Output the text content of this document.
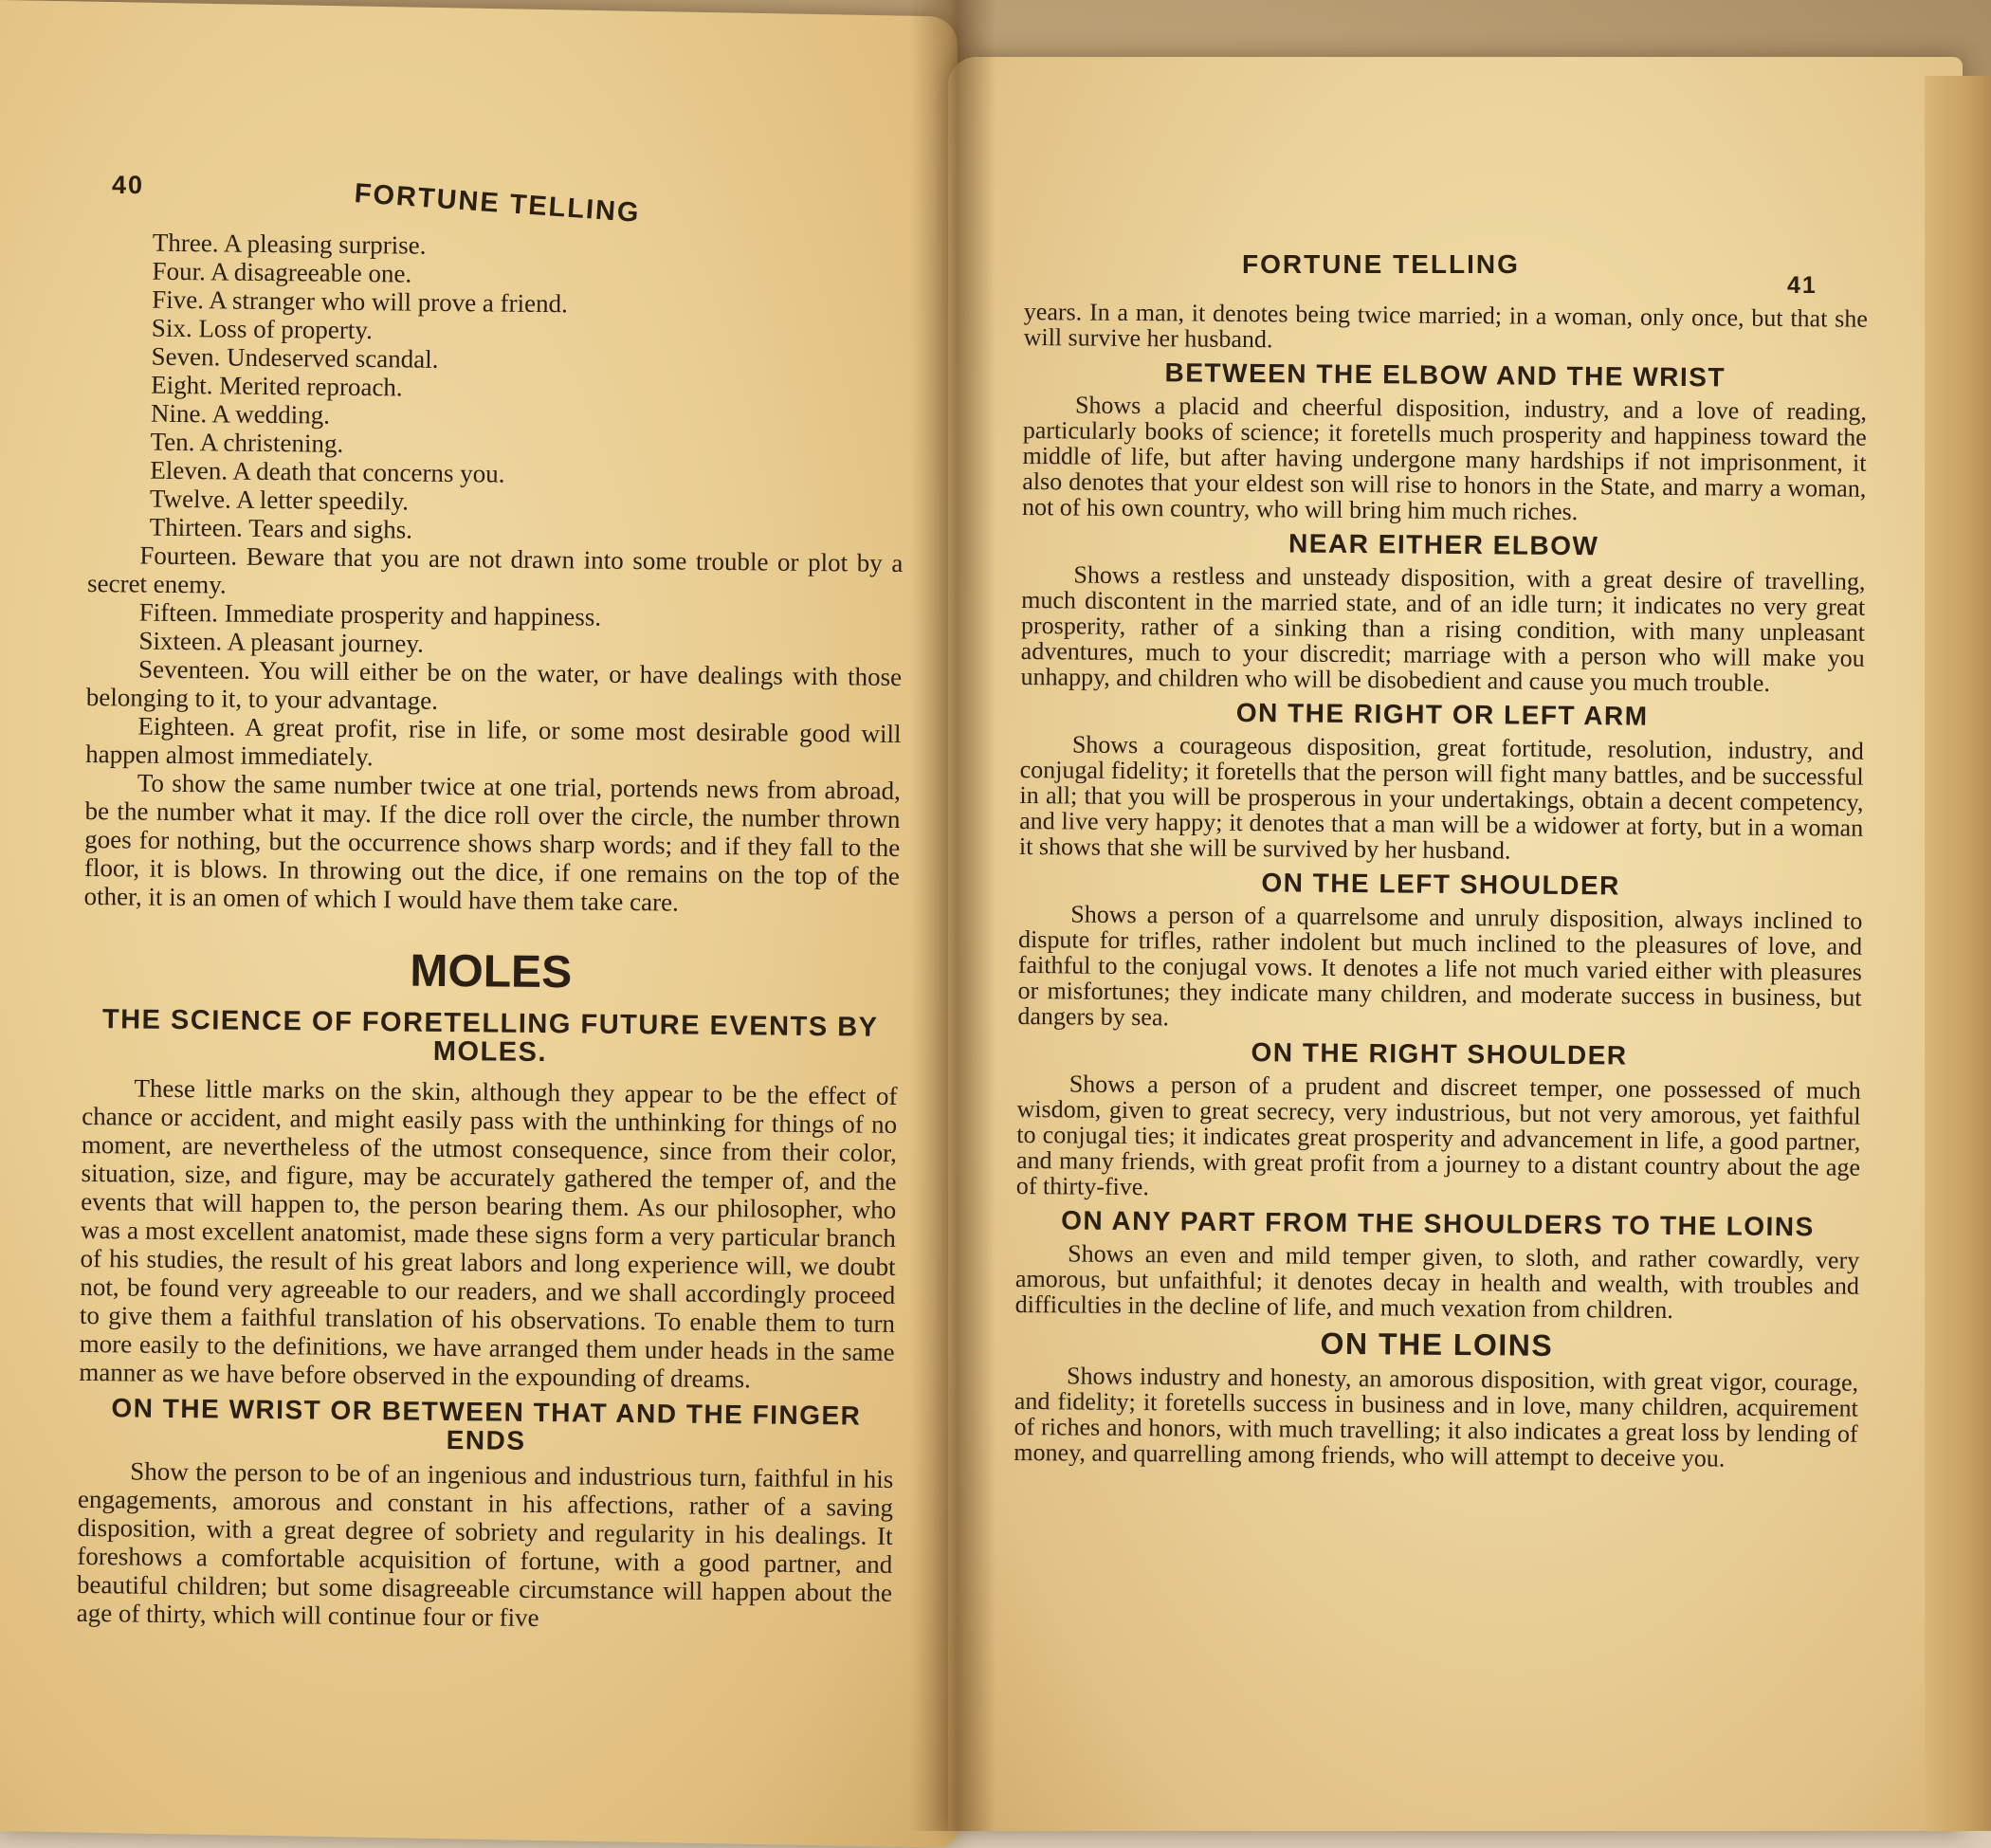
40	FORTUNE TELLING
FORTUNE TELLING
41

Three. A pleasing surprise.

Four. A disagreeable one.

Five. A stranger who will prove a friend.

Six. Loss of property.

Seven. Undeserved scandal.

Eight. Merited reproach.

Nine. A wedding.

Ten. A christening.

Eleven. A death that concerns you.

Twelve. A letter speedily.

Thirteen. Tears and sighs.

Fourteen. Beware that you are not drawn into some trouble or plot by a secret enemy.

Fifteen. Immediate prosperity and happiness.

Sixteen. A pleasant journey.

Seventeen. You will either be on the water, or have dealings with those belonging to it, to your advantage.

Eighteen. A great profit, rise in life, or some most desirable good will happen almost immediately.

To show the same number twice at one trial, portends news from abroad, be the number what it may. If the dice roll over the circle, the number thrown goes for nothing, but the occurrence shows sharp words; and if they fall to the floor, it is blows. In throwing out the dice, if one remains on the top of the other, it is an omen of which I would have them take care.

MOLES
THE SCIENCE OF FORETELLING FUTURE EVENTS BY MOLES.

These little marks on the skin, although they appear to be the effect of chance or accident, and might easily pass with the unthinking for things of no moment, are nevertheless of the utmost consequence, since from their color, situation, size, and figure, may be accurately gathered the temper of, and the events that will happen to, the person bearing them. As our philosopher, who was a most excellent anatomist, made these signs form a very particular branch of his studies, the result of his great labors and long experience will, we doubt not, be found very agreeable to our readers, and we shall accordingly proceed to give them a faithful translation of his observations. To enable them to turn more easily to the definitions, we have arranged them under heads in the same manner as we have before observed in the expounding of dreams.

ON THE WRIST OR BETWEEN THAT AND THE FINGER ENDS

Show the person to be of an ingenious and industrious turn, faithful in his engagements, amorous and constant in his affections, rather of a saving disposition, with a great degree of sobriety and regularity in his dealings. It foreshows a comfortable acquisition of fortune, with a good partner, and beautiful children; but some disagreeable circumstance will happen about the age of thirty, which will continue four or five

years. In a man, it denotes being twice married; in a woman, only once, but that she will survive her husband.

BETWEEN THE ELBOW AND THE WRIST

Shows a placid and cheerful disposition, industry, and a love of reading, particularly books of science; it foretells much prosperity and happiness toward the middle of life, but after having undergone many hardships if not imprisonment, it also denotes that your eldest son will rise to honors in the State, and marry a woman, not of his own country, who will bring him much riches.

NEAR EITHER ELBOW

Shows a restless and unsteady disposition, with a great desire of travelling, much discontent in the married state, and of an idle turn; it indicates no very great prosperity, rather of a sinking than a rising condition, with many unpleasant adventures, much to your discredit; marriage with a person who will make you unhappy, and children who will be disobedient and cause you much trouble.

ON THE RIGHT OR LEFT ARM

Shows a courageous disposition, great fortitude, resolution, industry, and conjugal fidelity; it foretells that the person will fight many battles, and be successful in all; that you will be prosperous in your undertakings, obtain a decent competency, and live very happy; it denotes that a man will be a widower at forty, but in a woman it shows that she will be survived by her husband.

ON THE LEFT SHOULDER

Shows a person of a quarrelsome and unruly disposition, always inclined to dispute for trifles, rather indolent but much inclined to the pleasures of love, and faithful to the conjugal vows. It denotes a life not much varied either with pleasures or misfortunes; they indicate many children, and moderate success in business, but dangers by sea.

ON THE RIGHT SHOULDER

Shows a person of a prudent and discreet temper, one possessed of much wisdom, given to great secrecy, very industrious, but not very amorous, yet faithful to conjugal ties; it indicates great prosperity and advancement in life, a good partner, and many friends, with great profit from a journey to a distant country about the age of thirty-five.

ON ANY PART FROM THE SHOULDERS TO THE LOINS

Shows an even and mild temper given, to sloth, and rather cowardly, very amorous, but unfaithful; it denotes decay in health and wealth, with troubles and difficulties in the decline of life, and much vexation from children.

ON THE LOINS

Shows industry and honesty, an amorous disposition, with great vigor, courage, and fidelity; it foretells success in business and in love, many children, acquirement of riches and honors, with much travelling; it also indicates a great loss by lending of money, and quarrelling among friends, who will attempt to deceive you.
